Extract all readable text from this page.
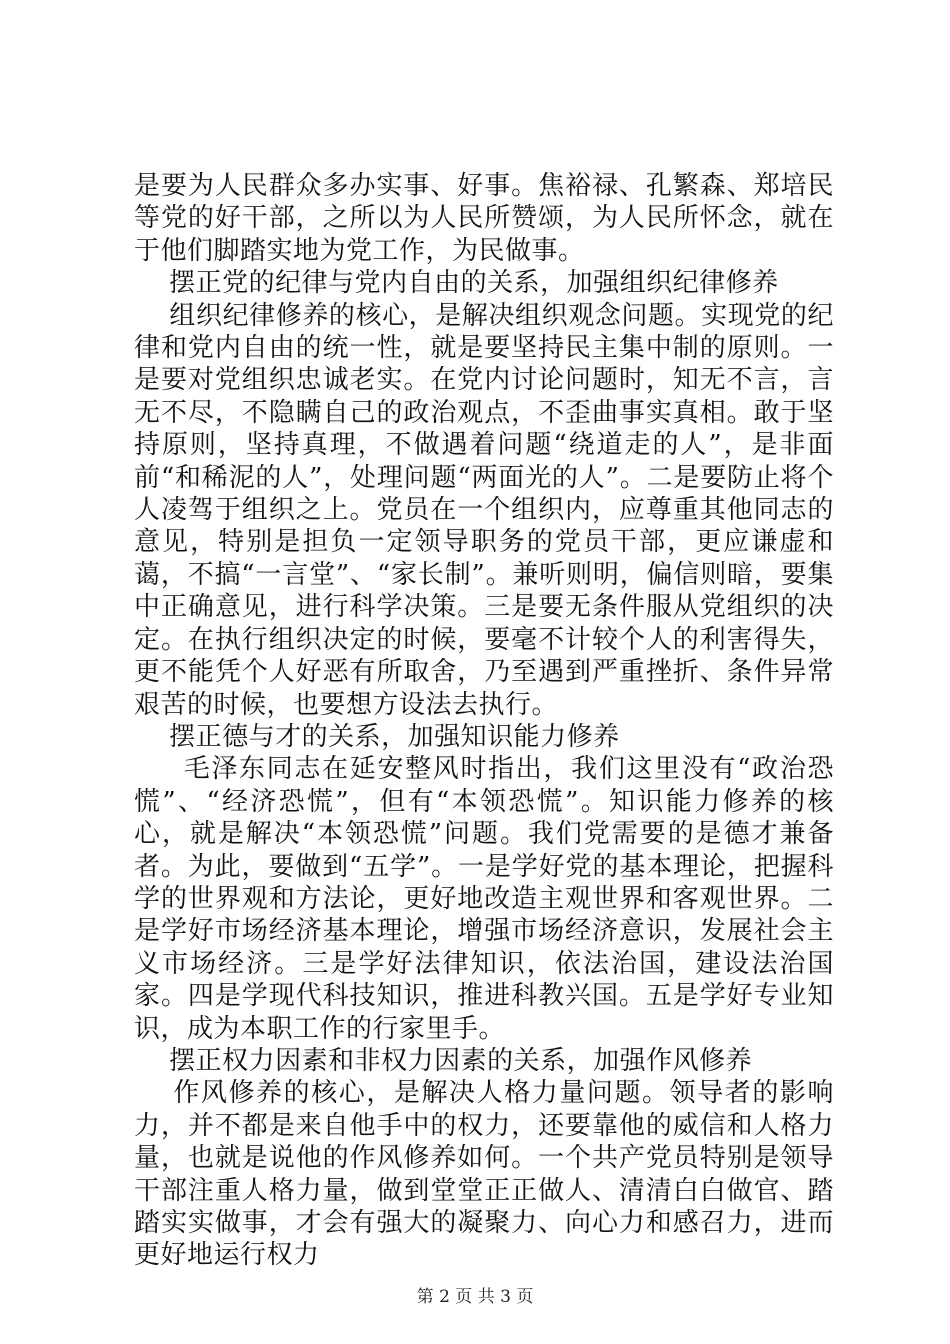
是要为人民群众多办实事、好事。焦裕禄、孔繁森、郑培民等党的好干部，之所以为人民所赞颂，为人民所怀念，就在于他们脚踏实地为党工作，为民做事。

摆正党的纪律与党内自由的关系，加强组织纪律修养

组织纪律修养的核心，是解决组织观念问题。实现党的纪律和党内自由的统一性，就是要坚持民主集中制的原则。一是要对党组织忠诚老实。在党内讨论问题时，知无不言，言无不尽，不隐瞒自己的政治观点，不歪曲事实真相。敢于坚持原则，坚持真理，不做遇着问题“绕道走的人”，是非面前“和稀泥的人”，处理问题“两面光的人”。二是要防止将个人凌驾于组织之上。党员在一个组织内，应尊重其他同志的意见，特别是担负一定领导职务的党员干部，更应谦虚和蔼，不搞“一言堂”、“家长制”。兼听则明，偏信则暗，要集中正确意见，进行科学决策。三是要无条件服从党组织的决定。在执行组织决定的时候，要毫不计较个人的利害得失，更不能凭个人好恶有所取舍，乃至遇到严重挫折、条件异常艰苦的时候，也要想方设法去执行。

摆正德与才的关系，加强知识能力修养

毛泽东同志在延安整风时指出，我们这里没有“政治恐慌”、“经济恐慌”，但有“本领恐慌”。知识能力修养的核心，就是解决“本领恐慌”问题。我们党需要的是德才兼备者。为此，要做到“五学”。一是学好党的基本理论，把握科学的世界观和方法论，更好地改造主观世界和客观世界。二是学好市场经济基本理论，增强市场经济意识，发展社会主义市场经济。三是学好法律知识，依法治国，建设法治国家。四是学现代科技知识，推进科教兴国。五是学好专业知识，成为本职工作的行家里手。

摆正权力因素和非权力因素的关系，加强作风修养

作风修养的核心，是解决人格力量问题。领导者的影响力，并不都是来自他手中的权力，还要靠他的威信和人格力量，也就是说他的作风修养如何。一个共产党员特别是领导干部注重人格力量，做到堂堂正正做人、清清白白做官、踏踏实实做事，才会有强大的凝聚力、向心力和感召力，进而更好地运行权力

第 2 页 共 3 页
